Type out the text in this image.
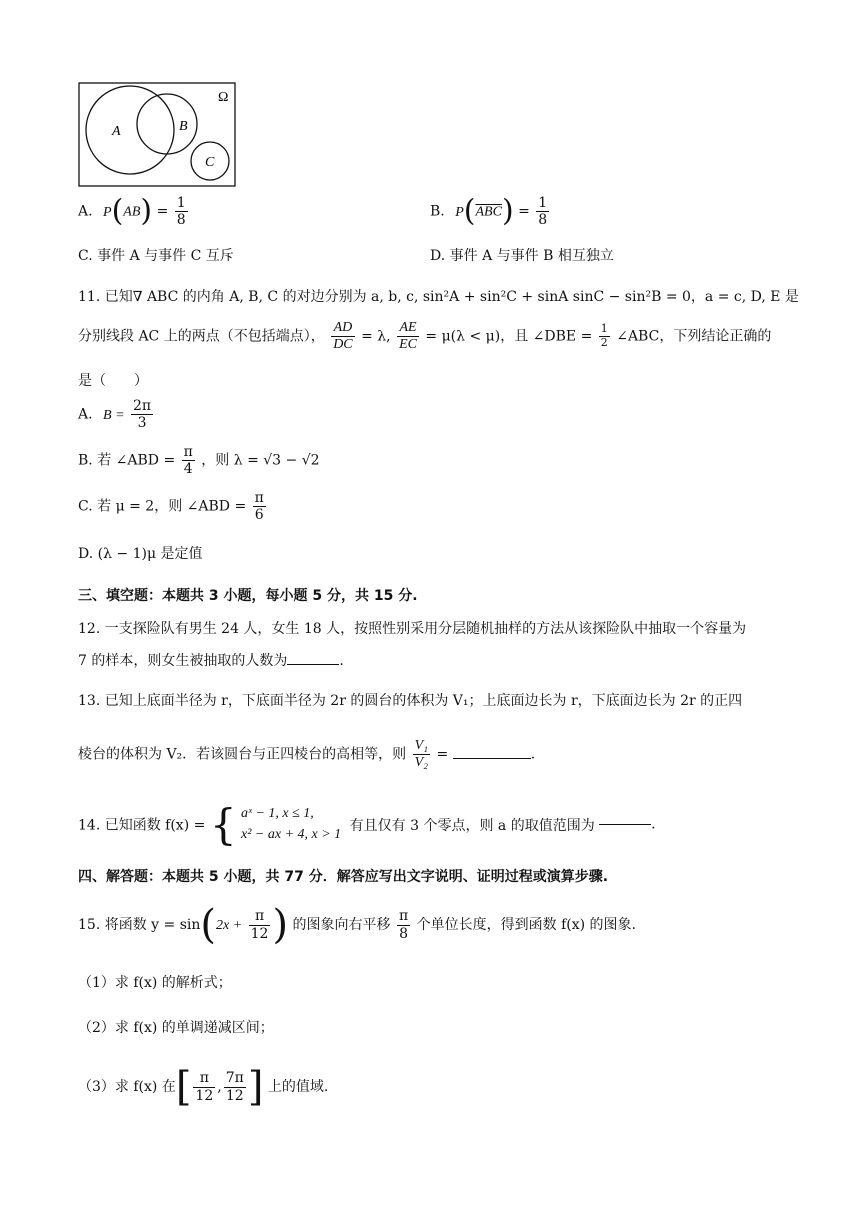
Ω
A	B
C
A. $P(AB) = \frac{1}{8}$	B. $P(\overline{ABC}) = \frac{1}{8}$
C. 事件 A 与事件 C 互斥	D. 事件 A 与事件 B 相互独立
11. 已知∇ ABC 的内角 A, B, C 的对边分别为 a, b, c, sin²A + sin²C + sinA sinC − sin²B = 0，a = c, D, E 是
分别线段 AC 上的两点（不包括端点）， $\frac{AD}{DC} = \lambda$, $\frac{AE}{EC} = \mu(\lambda < \mu)$，且 ∠DBE = $\frac{1}{2}$ ∠ABC，下列结论正确的
是（　　）
A. $B = \frac{2\pi}{3}$
B. 若 ∠ABD = $\frac{\pi}{4}$ ，则 λ = √3 − √2
C. 若 μ = 2，则 ∠ABD = $\frac{\pi}{6}$
D. (λ − 1)μ 是定值
三、填空题：本题共 3 小题，每小题 5 分，共 15 分.
12. 一支探险队有男生 24 人，女生 18 人，按照性别采用分层随机抽样的方法从该探险队中抽取一个容量为
7 的样本，则女生被抽取的人数为	.
13. 已知上底面半径为 r，下底面半径为 2r 的圆台的体积为 V₁；上底面边长为 r，下底面边长为 2r 的正四
棱台的体积为 V₂．若该圆台与正四棱台的高相等，则 $\frac{\text{V₁}}{\text{V₂}}$ =	.
14. 已知函数 f(x) = { aˣ − 1, x ≤ 1,
x² − ax + 4, x > 1
有且仅有 3 个零点，则 a 的取值范围为	.
四、解答题：本题共 5 小题，共 77 分．解答应写出文字说明、证明过程或演算步骤.
15. 将函数 $y = \sin(2x + \frac{\pi}{12}$ ) 的图象向右平移 $\frac{\pi}{8}$ 个单位长度，得到函数 f(x) 的图象.
（1）求 f(x) 的解析式；
（2）求 f(x) 的单调递减区间；
（3）求 f(x) 在[ $\frac{\pi}{12}$ , $\frac{7\pi}{12}$ ] 上的值域.
